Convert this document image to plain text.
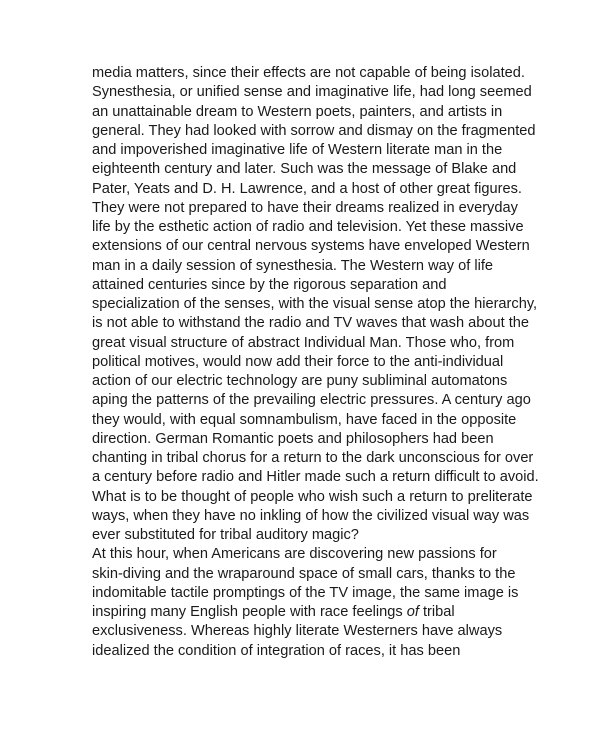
media matters, since their effects are not capable of being isolated.
Synesthesia, or unified sense and imaginative life, had long seemed
an unattainable dream to Western poets, painters, and artists in
general. They had looked with sorrow and dismay on the fragmented
and impoverished imaginative life of Western literate man in the
eighteenth century and later. Such was the message of Blake and
Pater, Yeats and D. H. Lawrence, and a host of other great figures.
They were not prepared to have their dreams realized in everyday
life by the esthetic action of radio and television. Yet these massive
extensions of our central nervous systems have enveloped Western
man in a daily session of synesthesia. The Western way of life
attained centuries since by the rigorous separation and
specialization of the senses, with the visual sense atop the hierarchy,
is not able to withstand the radio and TV waves that wash about the
great visual structure of abstract Individual Man. Those who, from
political motives, would now add their force to the anti-individual
action of our electric technology are puny subliminal automatons
aping the patterns of the prevailing electric pressures. A century ago
they would, with equal somnambulism, have faced in the opposite
direction. German Romantic poets and philosophers had been
chanting in tribal chorus for a return to the dark unconscious for over
a century before radio and Hitler made such a return difficult to avoid.
What is to be thought of people who wish such a return to preliterate
ways, when they have no inkling of how the civilized visual way was
ever substituted for tribal auditory magic?
At this hour, when Americans are discovering new passions for
skin-diving and the wraparound space of small cars, thanks to the
indomitable tactile promptings of the TV image, the same image is
inspiring many English people with race feelings of tribal
exclusiveness. Whereas highly literate Westerners have always
idealized the condition of integration of races, it has been
